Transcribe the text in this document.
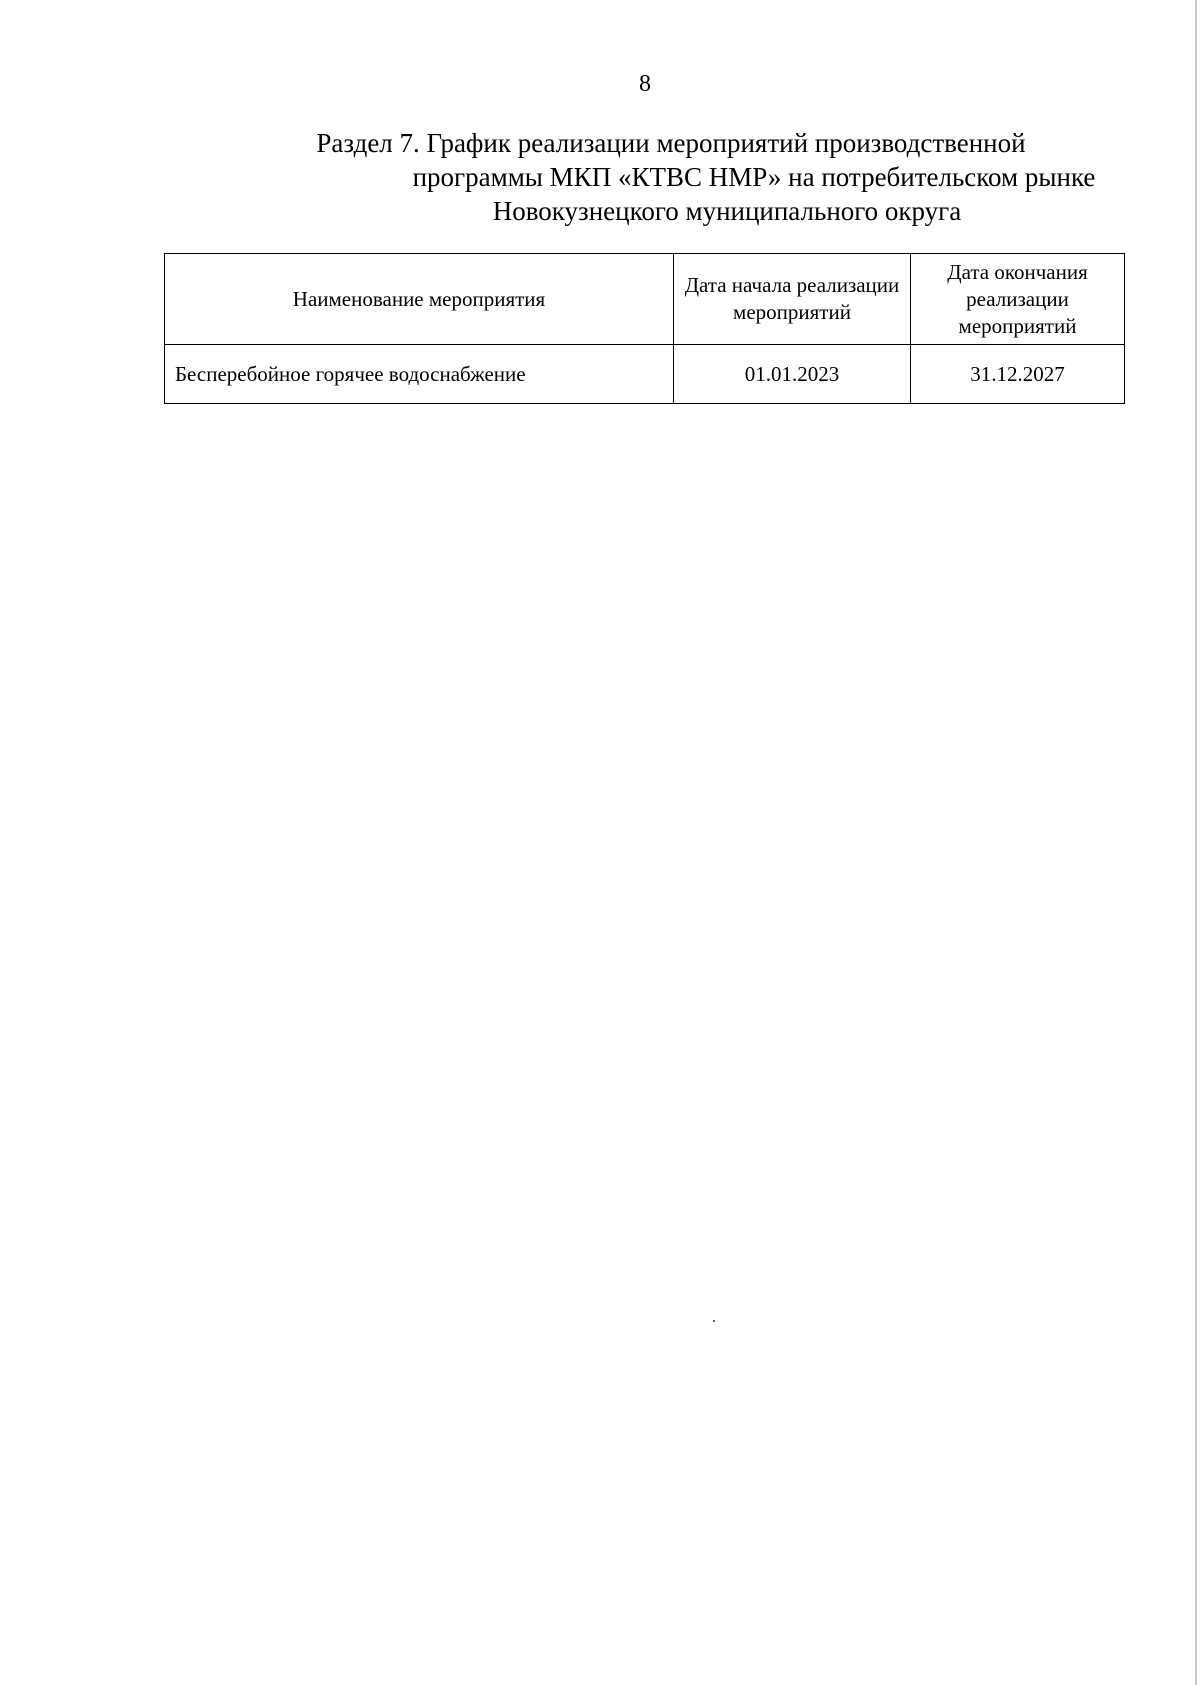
8
Раздел 7. График реализации мероприятий производственной
программы МКП «КТВС НМР» на потребительском рынке
Новокузнецкого муниципального округа
Наименование мероприятия	Дата начала реализации мероприятий	Дата окончания реализации мероприятий
Бесперебойное горячее водоснабжение	01.01.2023	31.12.2027
